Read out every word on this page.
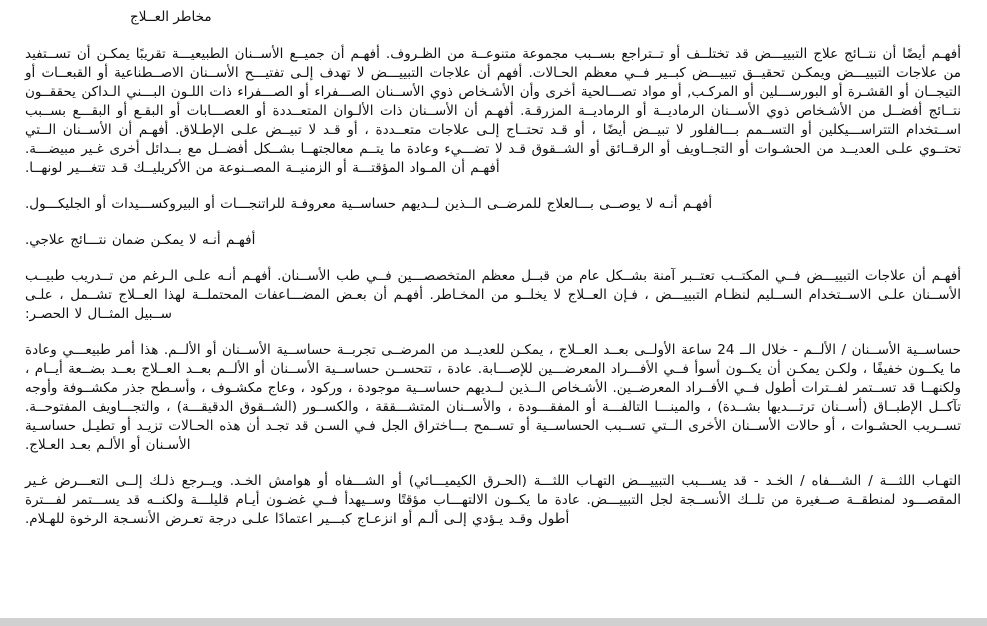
مخاطر العــلاج

أفهـم أيضًا أن نتــائج علاج التبييـــض قد تختلــف أو تــتراجع بســبب مجموعة متنوعــة من الظـروف. أفهـم أن جميــع الأســنان الطبيعيـــة تقريبًا يمكـن أن تســتفيد من علاجات التبييـــض ويمكـن تحقيــق تبييـــض كبــير فــي معظم الحـالات. أفهم أن علاجات التبييـــض لا تهدف إلـى تفتيـــح الأســنان الاصــطناعية أو القبعــات أو التيجــان أو القشـرة أو البورســـلين أو المركـب, أو مواد تصـــالحية أخرى وأن الأشـخاص ذوي الأســنان الصـــفراء أو الصـــفراء ذات اللـون البـــني الـداكن يحققــون نتــائج أفضــل من الأشـخاص ذوي الأســنان الرماديــة أو الرماديــة المزرقـة. أفهـم أن الأســنان ذات الألـوان المتعــددة أو العصـــابات أو البقـع أو البقـــع بســبب اســتخدام التتراســـيكلين أو التســمم بـــالفلور لا تبيــض أيضًا ، أو قـد تحتــاج إلـى علاجات متعــددة ، أو قـد لا تبيــض علـى الإطـلاق. أفهـم أن الأســنان الــتي تحتــوي علـى العديــد من الحشـوات أو التجــاويف أو الرقــائق أو الشــقوق قـد لا تضـــيء وعادة ما يتــم معالجتهــا بشــكل أفضــل مع بــدائل أخرى غـير مبيضـــة. أفهـم أن المـواد المؤقتـــة أو الزمنيــة المصــنوعة من الأكريليــك قـد تتغـــير لونهــا.

أفهـم أنـه لا يوصــى بـــالعلاج للمرضــى الــذين لــديهم حساســية معروفـة للراتنجـــات أو البيروكســـيدات أو الجليكـــول.

أفهـم أنـه لا يمكـن ضمان نتـــائج علاجي.

أفهـم أن علاجات التبييـــض فــي المكتــب تعتــبر آمنة بشــكل عام من قبــل معظم المتخصصـــين فــي طب الأســنان. أفهـم أنـه علـى الـرغم من تــدريب طبيــب الأســنان علـى الاســتخدام الســليم لنظـام التبييـــض ، فـإن العــلاج لا يخلــو من المخـاطر. أفهـم أن بعـض المضـــاعفات المحتملــة لهذا العــلاج تشــمل ، علـى ســبيل المثــال لا الحصـر:

حساســية الأســنان / الألــم - خلال الــ 24 ساعة الأولــى بعــد العــلاج ، يمكـن للعديــد من المرضــى تجربــة حساســية الأســنان أو الألــم. هذا أمر طبيعـــي وعادة ما يكــون خفيفًا ، ولكـن يمكـن أن يكــون أسوأ فــي الأفـــراد المعرضـــين للإصـــابة. عادة ، تتحســن حساســية الأســنان أو الألــم بعــد العــلاج بعــد بضــعة أيــام ، ولكنهــا قد تســتمر لفــترات أطول فــي الأفــراد المعرضــين. الأشـخاص الــذين لــديهم حساســية موجودة ، وركود ، وعاج مكشـوف ، وأسـطح جذر مكشــوفة وأوجه تآكــل الإطبــاق (أســنان ترتـــديها بشــدة) ، والمينـــا التالفـــة أو المفقـــودة ، والأســنان المتشـــققة ، والكســور (الشــقوق الدقيقـــة) ، والتجـــاويف المفتوحــة. تســريب الحشـوات ، أو حالات الأســنان الأخرى الــتي تســبب الحساســية أو تســمح بـــاختراق الجل فـي السـن قد تجـد أن هذه الحـالات تزيـد أو تطيـل حساسـية الأسـنان أو الألـم بعـد العـلاج.

التهـاب اللثـــة / الشـــفاه / الخـد - قد يســـبب التبييـــض التهـاب اللثـــة (الحـرق الكيميـــائي) أو الشـــفاه أو هوامش الخـد. ويــرجع ذلـك إلــى التعـــرض غـير المقصـــود لمنطقــة صــغيرة من تلــك الأنســجة لجل التبييـــض. عادة ما يكــون الالتهـــاب مؤقتًا وســيهدأ فــي غضـون أيـام قليلـــة ولكنــه قد يســـتمر لفـــترة أطول وقـد يـؤدي إلـى ألـم أو انزعـاج كبـــير اعتمادًا علـى درجة تعـرض الأنسـجة الرخوة للهـلام.
